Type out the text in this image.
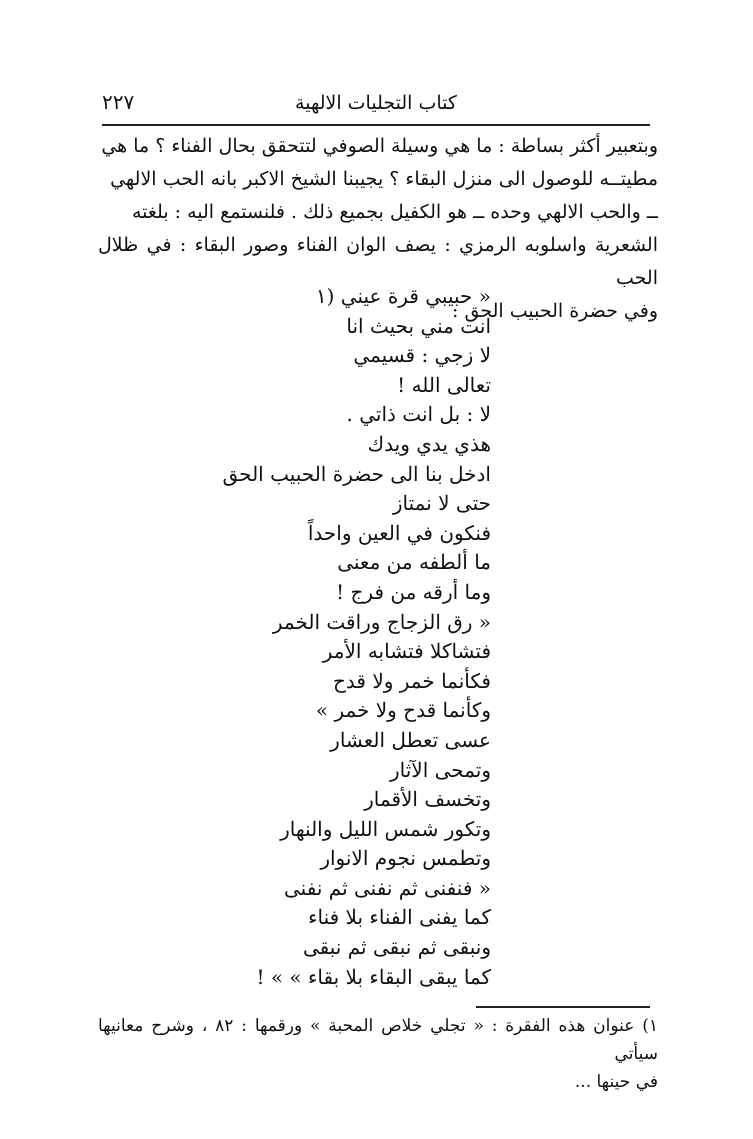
كتاب التجليات الالهية
٢٢٧

وبتعبير أكثر بساطة : ما هي وسيلة الصوفي لتتحقق بحال الفناء ؟ ما هي

مطيتــه للوصول الى منزل البقاء ؟ يجيبنا الشيخ الاكبر بانه الحب الالهي

ــ والحب الالهي وحده ــ هو الكفيل بجميع ذلك . فلنستمع اليه : بلغته

الشعرية واسلوبه الرمزي : يصف الوان الفناء وصور البقاء : في ظلال الحب

وفي حضرة الحبيب الحق :

« حبيبي قرة عيني (١
انت مني بحيث انا
لا زجي : قسيمي
تعالى الله !
لا : بل انت ذاتي .
هذي يدي ويدك
ادخل بنا الى حضرة الحبيب الحق
حتى لا نمتاز
فنكون في العين واحداً
ما ألطفه من معنى
وما أرقه من فرج !
« رق الزجاج وراقت الخمر
فتشاكلا فتشابه الأمر
فكأنما خمر ولا قدح
وكأنما قدح ولا خمر »
عسى تعطل العشار
وتمحى الآثار
وتخسف الأقمار
وتكور شمس الليل والنهار
وتطمس نجوم الانوار
« فنفنى ثم نفنى ثم نفنى
كما يفنى الفناء بلا فناء
ونبقى ثم نبقى ثم نبقى
كما يبقى البقاء بلا بقاء » » !

١) عنوان هذه الفقرة : « تجلي خلاص المحبة » ورقمها : ٨٢ ، وشرح معانيها سيأتي

في حينها ...
